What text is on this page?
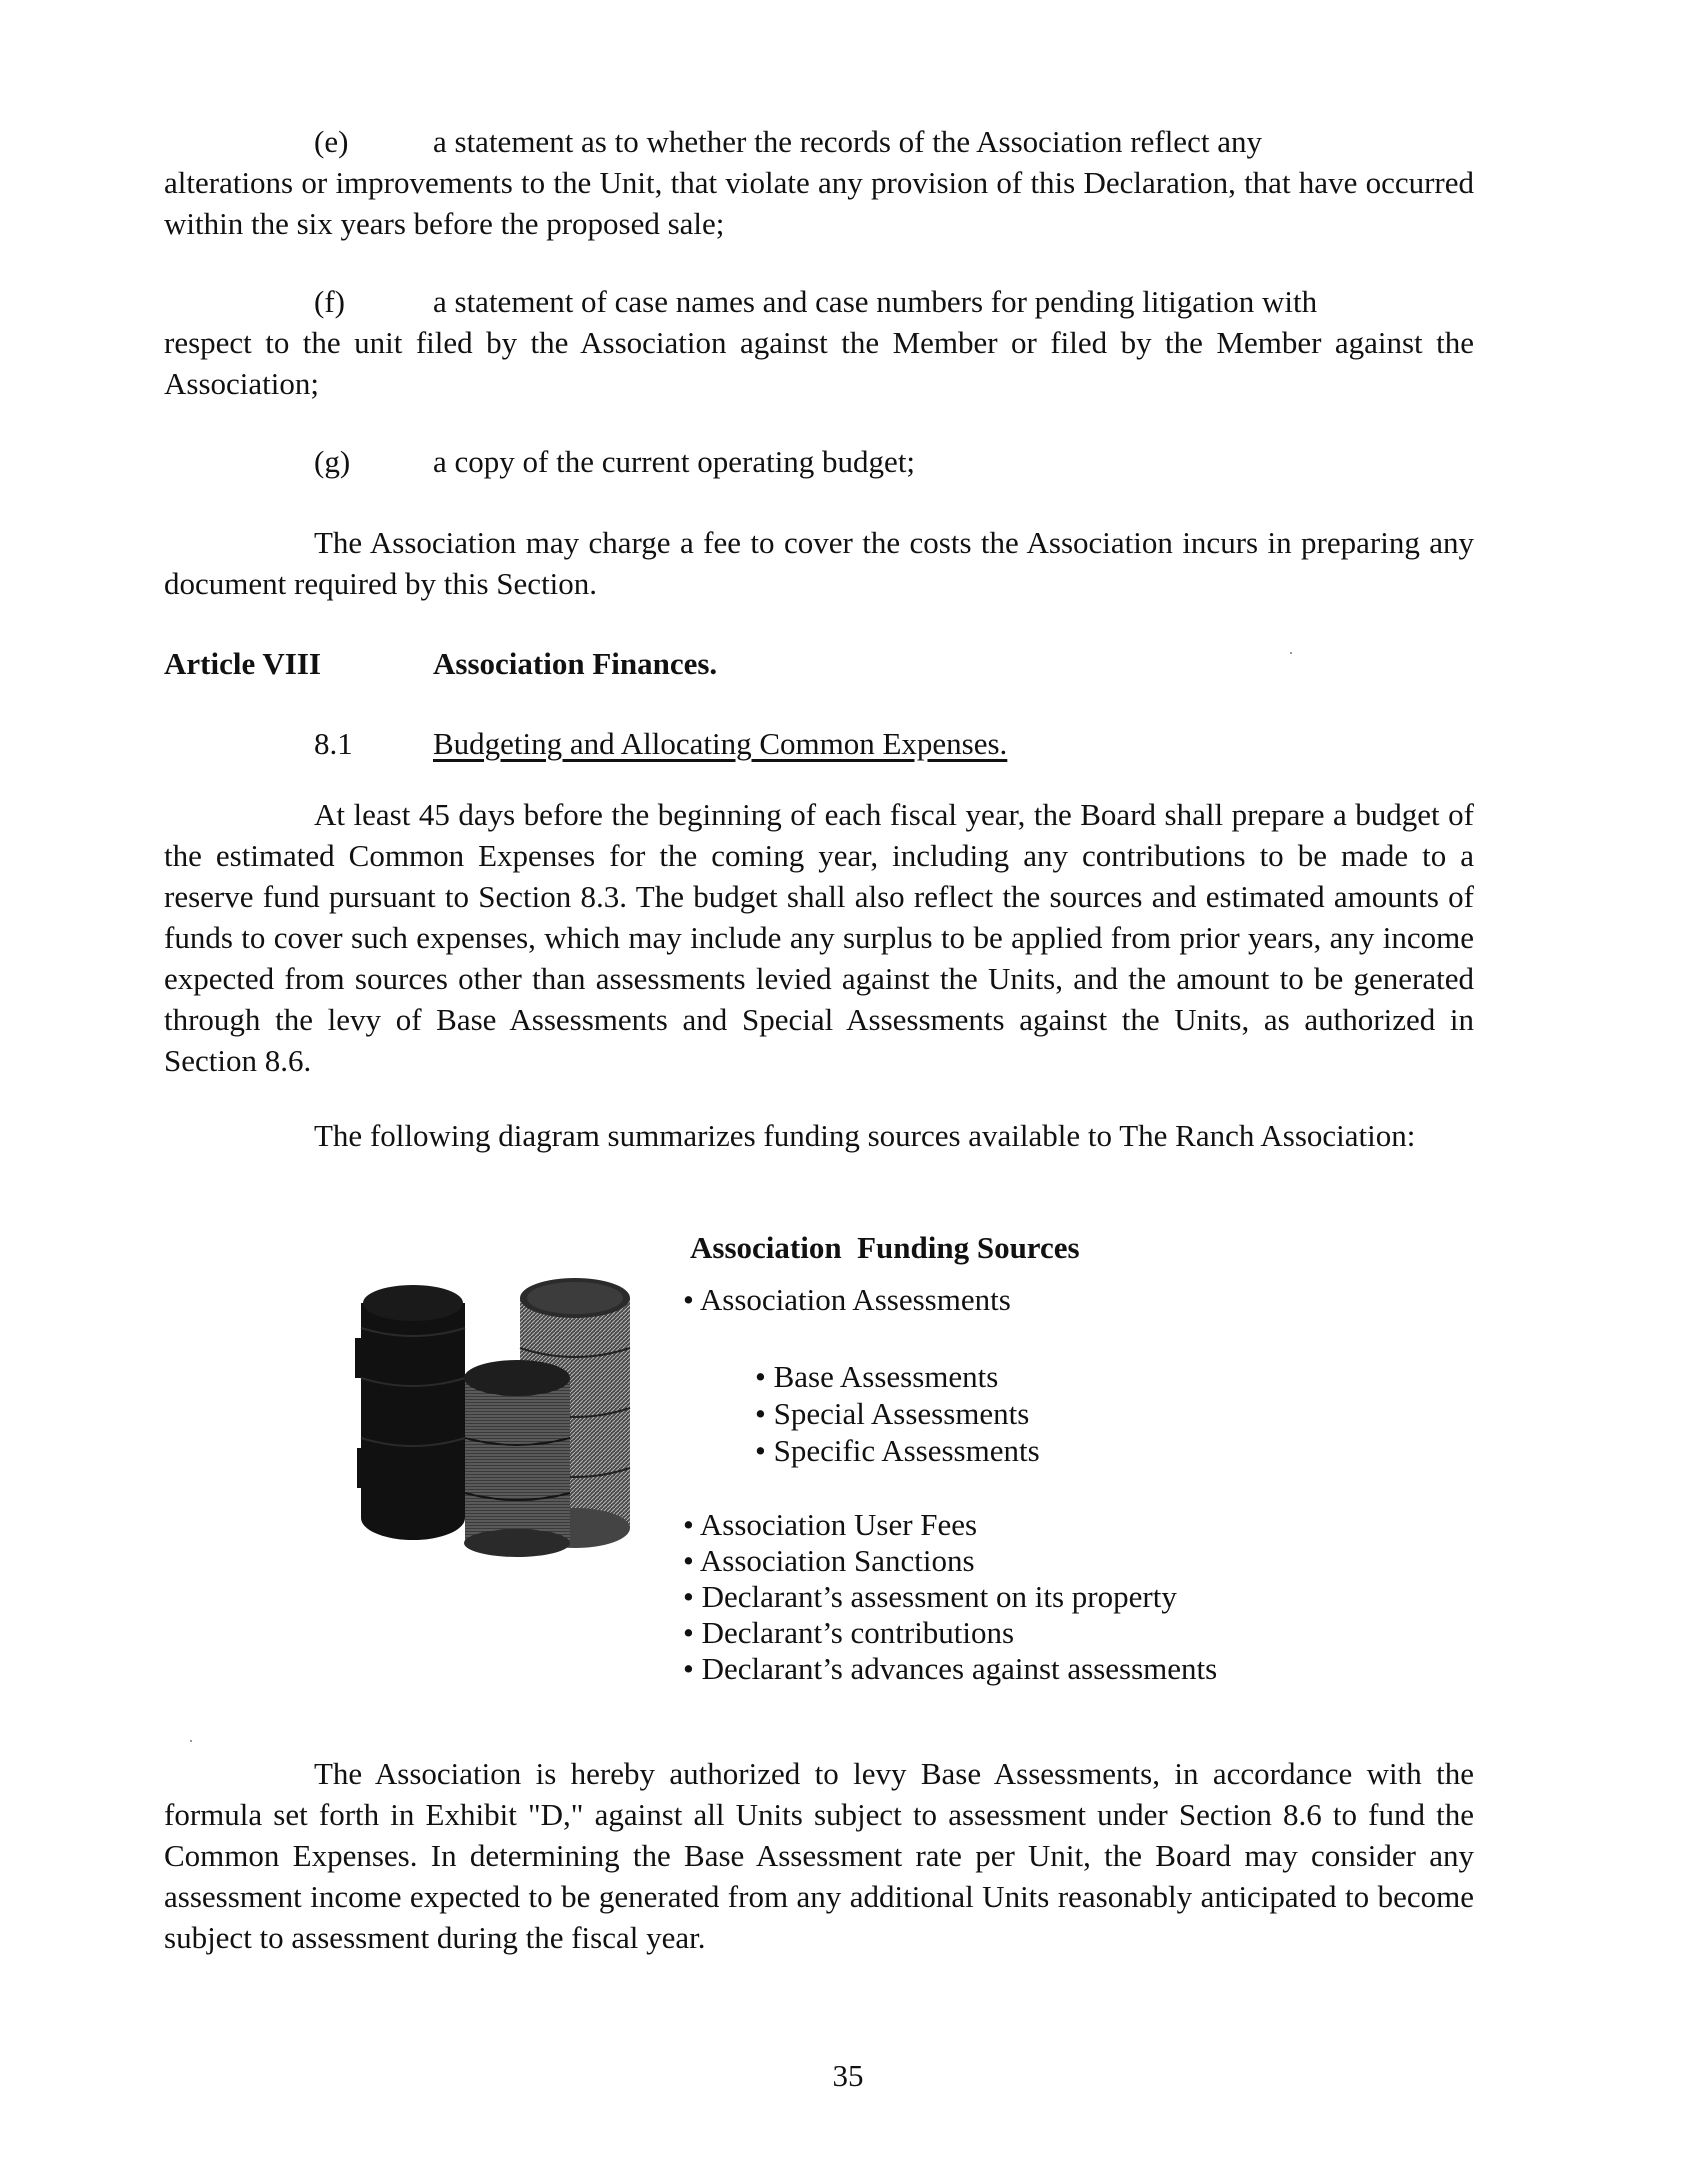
(e)	a statement as to whether the records of the Association reflect any
alterations or improvements to the Unit, that violate any provision of this Declaration, that have occurred within the six years before the proposed sale;
(f)	a statement of case names and case numbers for pending litigation with
respect to the unit filed by the Association against the Member or filed by the Member against the Association;
(g)	a copy of the current operating budget;
The Association may charge a fee to cover the costs the Association incurs in preparing any document required by this Section.
Article VIII	Association Finances.
8.1	Budgeting and Allocating Common Expenses.
At least 45 days before the beginning of each fiscal year, the Board shall prepare a budget of the estimated Common Expenses for the coming year, including any contributions to be made to a reserve fund pursuant to Section 8.3. The budget shall also reflect the sources and estimated amounts of funds to cover such expenses, which may include any surplus to be applied from prior years, any income expected from sources other than assessments levied against the Units, and the amount to be generated through the levy of Base Assessments and Special Assessments against the Units, as authorized in Section 8.6.
The following diagram summarizes funding sources available to The Ranch Association:
Association  Funding Sources
• Association Assessments
• Base Assessments
• Special Assessments
• Specific Assessments
• Association User Fees
• Association Sanctions
• Declarant’s assessment on its property
• Declarant’s contributions
• Declarant’s advances against assessments
The Association is hereby authorized to levy Base Assessments, in accordance with the formula set forth in Exhibit "D," against all Units subject to assessment under Section 8.6 to fund the Common Expenses. In determining the Base Assessment rate per Unit, the Board may consider any assessment income expected to be generated from any additional Units reasonably anticipated to become subject to assessment during the fiscal year.
35
